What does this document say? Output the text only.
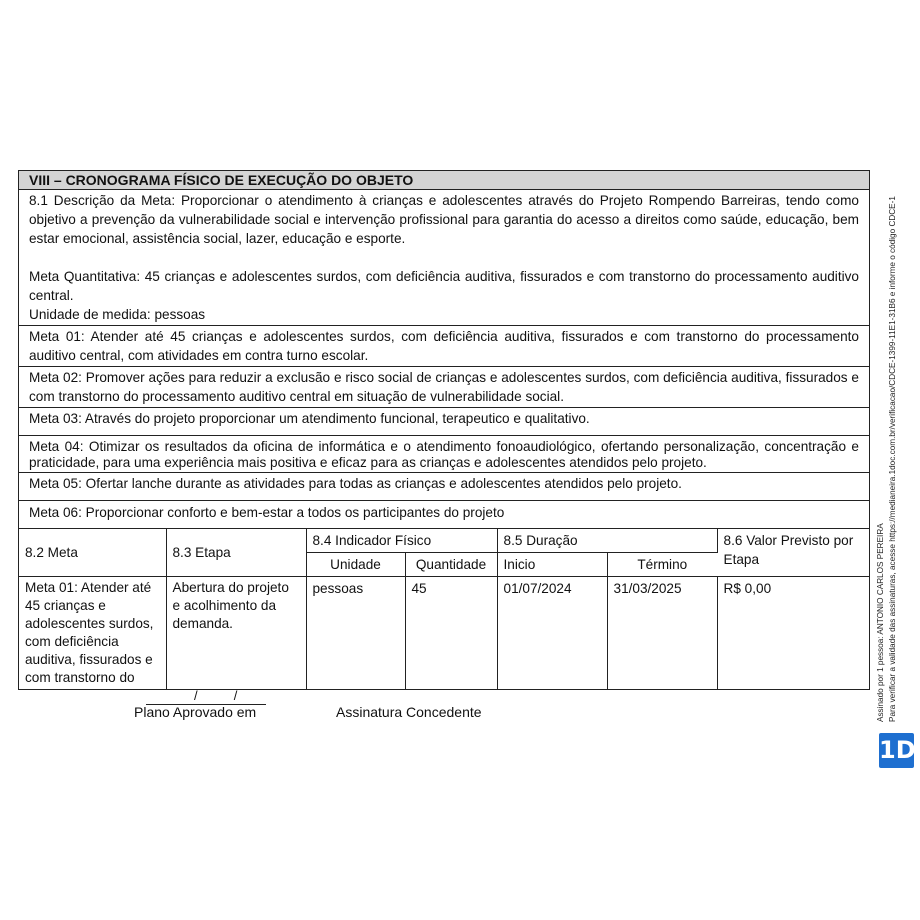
VIII – CRONOGRAMA FÍSICO DE EXECUÇÃO DO OBJETO

8.1 Descrição da Meta: Proporcionar o atendimento à crianças e adolescentes através do Projeto Rompendo Barreiras, tendo como objetivo a prevenção da vulnerabilidade social e intervenção profissional para garantia do acesso a direitos como saúde, educação, bem estar emocional, assistência social, lazer, educação e esporte.

Meta Quantitativa: 45 crianças e adolescentes surdos, com deficiência auditiva, fissurados e com transtorno do processamento auditivo central.

Unidade de medida: pessoas

Meta 01: Atender até 45 crianças e adolescentes surdos, com deficiência auditiva, fissurados e com transtorno do processamento auditivo central, com atividades em contra turno escolar.
Meta 02: Promover ações para reduzir a exclusão e risco social de crianças e adolescentes surdos, com deficiência auditiva, fissurados e com transtorno do processamento auditivo central em situação de vulnerabilidade social.
Meta 03: Através do projeto proporcionar um atendimento funcional, terapeutico e qualitativo.
Meta 04: Otimizar os resultados da oficina de informática e o atendimento fonoaudiológico, ofertando personalização, concentração e praticidade, para uma experiência mais positiva e eficaz para as crianças e adolescentes atendidos pelo projeto.
Meta 05: Ofertar lanche durante as atividades para todas as crianças e adolescentes atendidos pelo projeto.
Meta 06: Proporcionar conforto e bem-estar a todos os participantes do projeto
8.2 Meta	8.3 Etapa	8.4 Indicador Físico		8.5 Duração		8.6 Valor Previsto por Etapa
		Unidade	Quantidade	Inicio	Término	
Meta 01: Atender até 45 crianças e adolescentes surdos, com deficiência auditiva, fissurados e com transtorno do	Abertura do projeto e acolhimento da demanda.	pessoas	45	01/07/2024	31/03/2025	R$ 0,00
/          /
Plano Aprovado em	Assinatura Concedente	Assinado por 1 pessoa: ANTONIO CARLOS PEREIRA Para verificar a validade das assinaturas, acesse https://medianeira.1doc.com.br/verificacao/CDCE-1399-11E1-31B6 e informe o código CDCE-1
1D
